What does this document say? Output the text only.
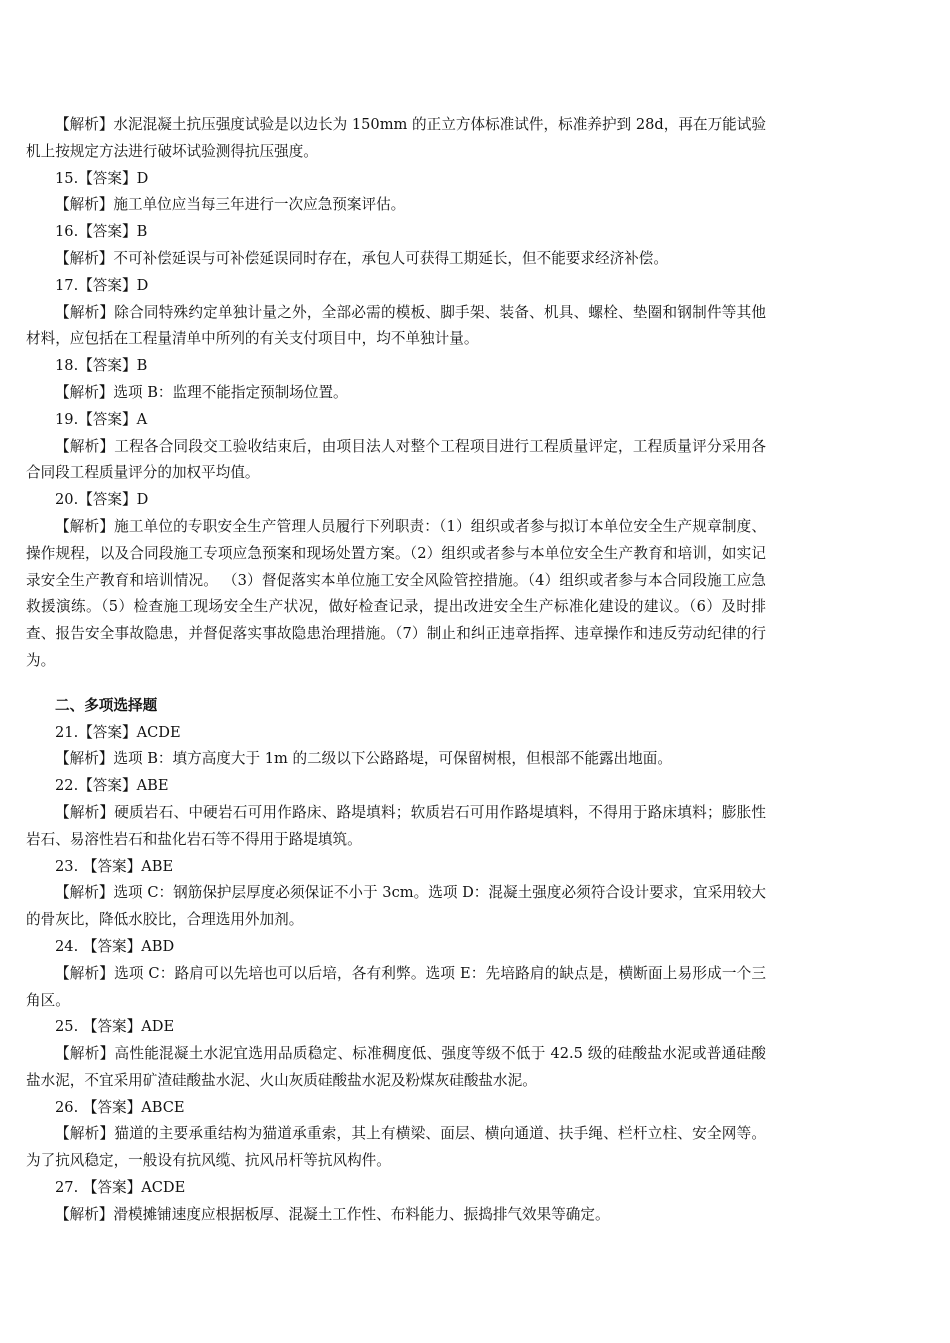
【解析】水泥混凝土抗压强度试验是以边长为 150mm 的正立方体标准试件，标准养护到 28d，再在万能试验机上按规定方法进行破坏试验测得抗压强度。

15.【答案】D

【解析】施工单位应当每三年进行一次应急预案评估。

16.【答案】B

【解析】不可补偿延误与可补偿延误同时存在，承包人可获得工期延长，但不能要求经济补偿。

17.【答案】D

【解析】除合同特殊约定单独计量之外，全部必需的模板、脚手架、装备、机具、螺栓、垫圈和钢制件等其他材料，应包括在工程量清单中所列的有关支付项目中，均不单独计量。

18.【答案】B

【解析】选项 B：监理不能指定预制场位置。

19.【答案】A

【解析】工程各合同段交工验收结束后，由项目法人对整个工程项目进行工程质量评定，工程质量评分采用各合同段工程质量评分的加权平均值。

20.【答案】D

【解析】施工单位的专职安全生产管理人员履行下列职责：（1）组织或者参与拟订本单位安全生产规章制度、操作规程，以及合同段施工专项应急预案和现场处置方案。（2）组织或者参与本单位安全生产教育和培训，如实记录安全生产教育和培训情况。 （3）督促落实本单位施工安全风险管控措施。（4）组织或者参与本合同段施工应急救援演练。（5）检查施工现场安全生产状况，做好检查记录，提出改进安全生产标准化建设的建议。（6）及时排查、报告安全事故隐患，并督促落实事故隐患治理措施。（7）制止和纠正违章指挥、违章操作和违反劳动纪律的行为。

二、多项选择题

21.【答案】ACDE

【解析】选项 B：填方高度大于 1m 的二级以下公路路堤，可保留树根，但根部不能露出地面。

22.【答案】ABE

【解析】硬质岩石、中硬岩石可用作路床、路堤填料；软质岩石可用作路堤填料，不得用于路床填料；膨胀性岩石、易溶性岩石和盐化岩石等不得用于路堤填筑。

23. 【答案】ABE

【解析】选项 C：钢筋保护层厚度必须保证不小于 3cm。选项 D：混凝土强度必须符合设计要求，宜采用较大的骨灰比，降低水胶比，合理选用外加剂。

24. 【答案】ABD

【解析】选项 C：路肩可以先培也可以后培，各有利弊。选项 E：先培路肩的缺点是，横断面上易形成一个三角区。

25. 【答案】ADE

【解析】高性能混凝土水泥宜选用品质稳定、标准稠度低、强度等级不低于 42.5 级的硅酸盐水泥或普通硅酸盐水泥，不宜采用矿渣硅酸盐水泥、火山灰质硅酸盐水泥及粉煤灰硅酸盐水泥。

26. 【答案】ABCE

【解析】猫道的主要承重结构为猫道承重索，其上有横梁、面层、横向通道、扶手绳、栏杆立柱、安全网等。为了抗风稳定，一般设有抗风缆、抗风吊杆等抗风构件。

27. 【答案】ACDE

【解析】滑模摊铺速度应根据板厚、混凝土工作性、布料能力、振捣排气效果等确定。
